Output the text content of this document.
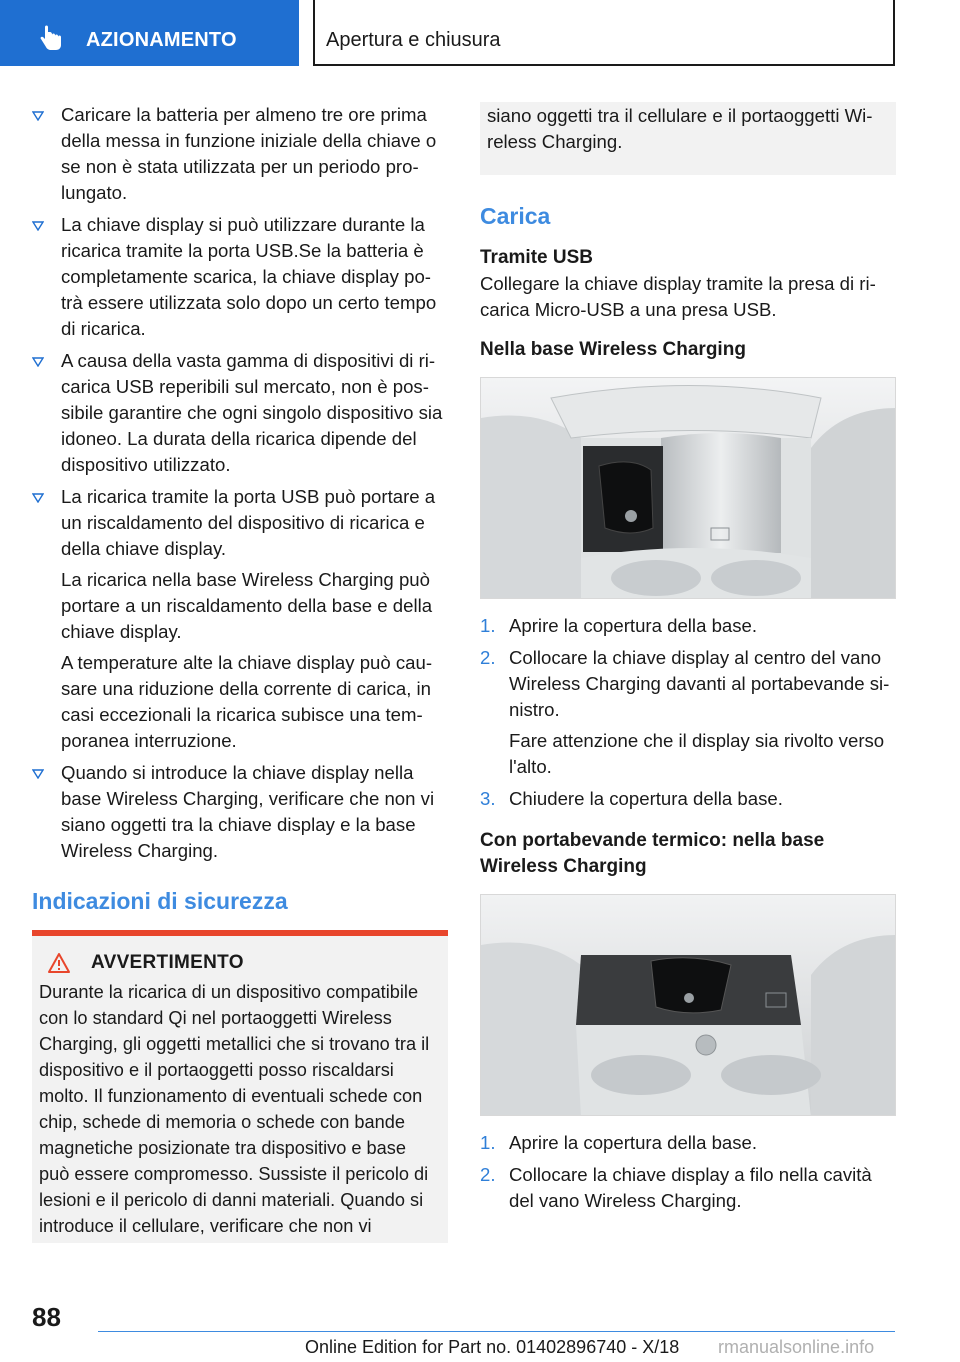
AZIONAMENTO	Apertura e chiusura

Caricare la batteria per almeno tre ore prima della messa in funzione iniziale della chiave o se non è stata utilizzata per un periodo pro-lungato.

La chiave display si può utilizzare durante la ricarica tramite la porta USB.Se la batteria è completamente scarica, la chiave display po-trà essere utilizzata solo dopo un certo tempo di ricarica.

A causa della vasta gamma di dispositivi di ri-carica USB reperibili sul mercato, non è pos-sibile garantire che ogni singolo dispositivo sia idoneo. La durata della ricarica dipende del dispositivo utilizzato.

La ricarica tramite la porta USB può portare a un riscaldamento del dispositivo di ricarica e della chiave display.

La ricarica nella base Wireless Charging può portare a un riscaldamento della base e della chiave display.

A temperature alte la chiave display può cau-sare una riduzione della corrente di carica, in casi eccezionali la ricarica subisce una tem-poranea interruzione.

Quando si introduce la chiave display nella base Wireless Charging, verificare che non vi siano oggetti tra la chiave display e la base Wireless Charging.

Indicazioni di sicurezza
AVVERTIMENTO

Durante la ricarica di un dispositivo compatibile con lo standard Qi nel portaoggetti Wireless Charging, gli oggetti metallici che si trovano tra il dispositivo e il portaoggetti posso riscaldarsi molto. Il funzionamento di eventuali schede con chip, schede di memoria o schede con bande magnetiche posizionate tra dispositivo e base può essere compromesso. Sussiste il pericolo di lesioni e il pericolo di danni materiali. Quando si introduce il cellulare, verificare che non vi

siano oggetti tra il cellulare e il portaoggetti Wi-reless Charging.

Carica
Tramite USB

Collegare la chiave display tramite la presa di ri-carica Micro-USB a una presa USB.

Nella base Wireless Charging
1. Aprire la copertura della base.

2. Collocare la chiave display al centro del vano Wireless Charging davanti al portabevande si-nistro.

Fare attenzione che il display sia rivolto verso l'alto.

3. Chiudere la copertura della base.

Con portabevande termico: nella base Wireless Charging
1. Aprire la copertura della base.

2. Collocare la chiave display a filo nella cavità del vano Wireless Charging.

88
Online Edition for Part no. 01402896740 - X/18 rmanualsonline.info
